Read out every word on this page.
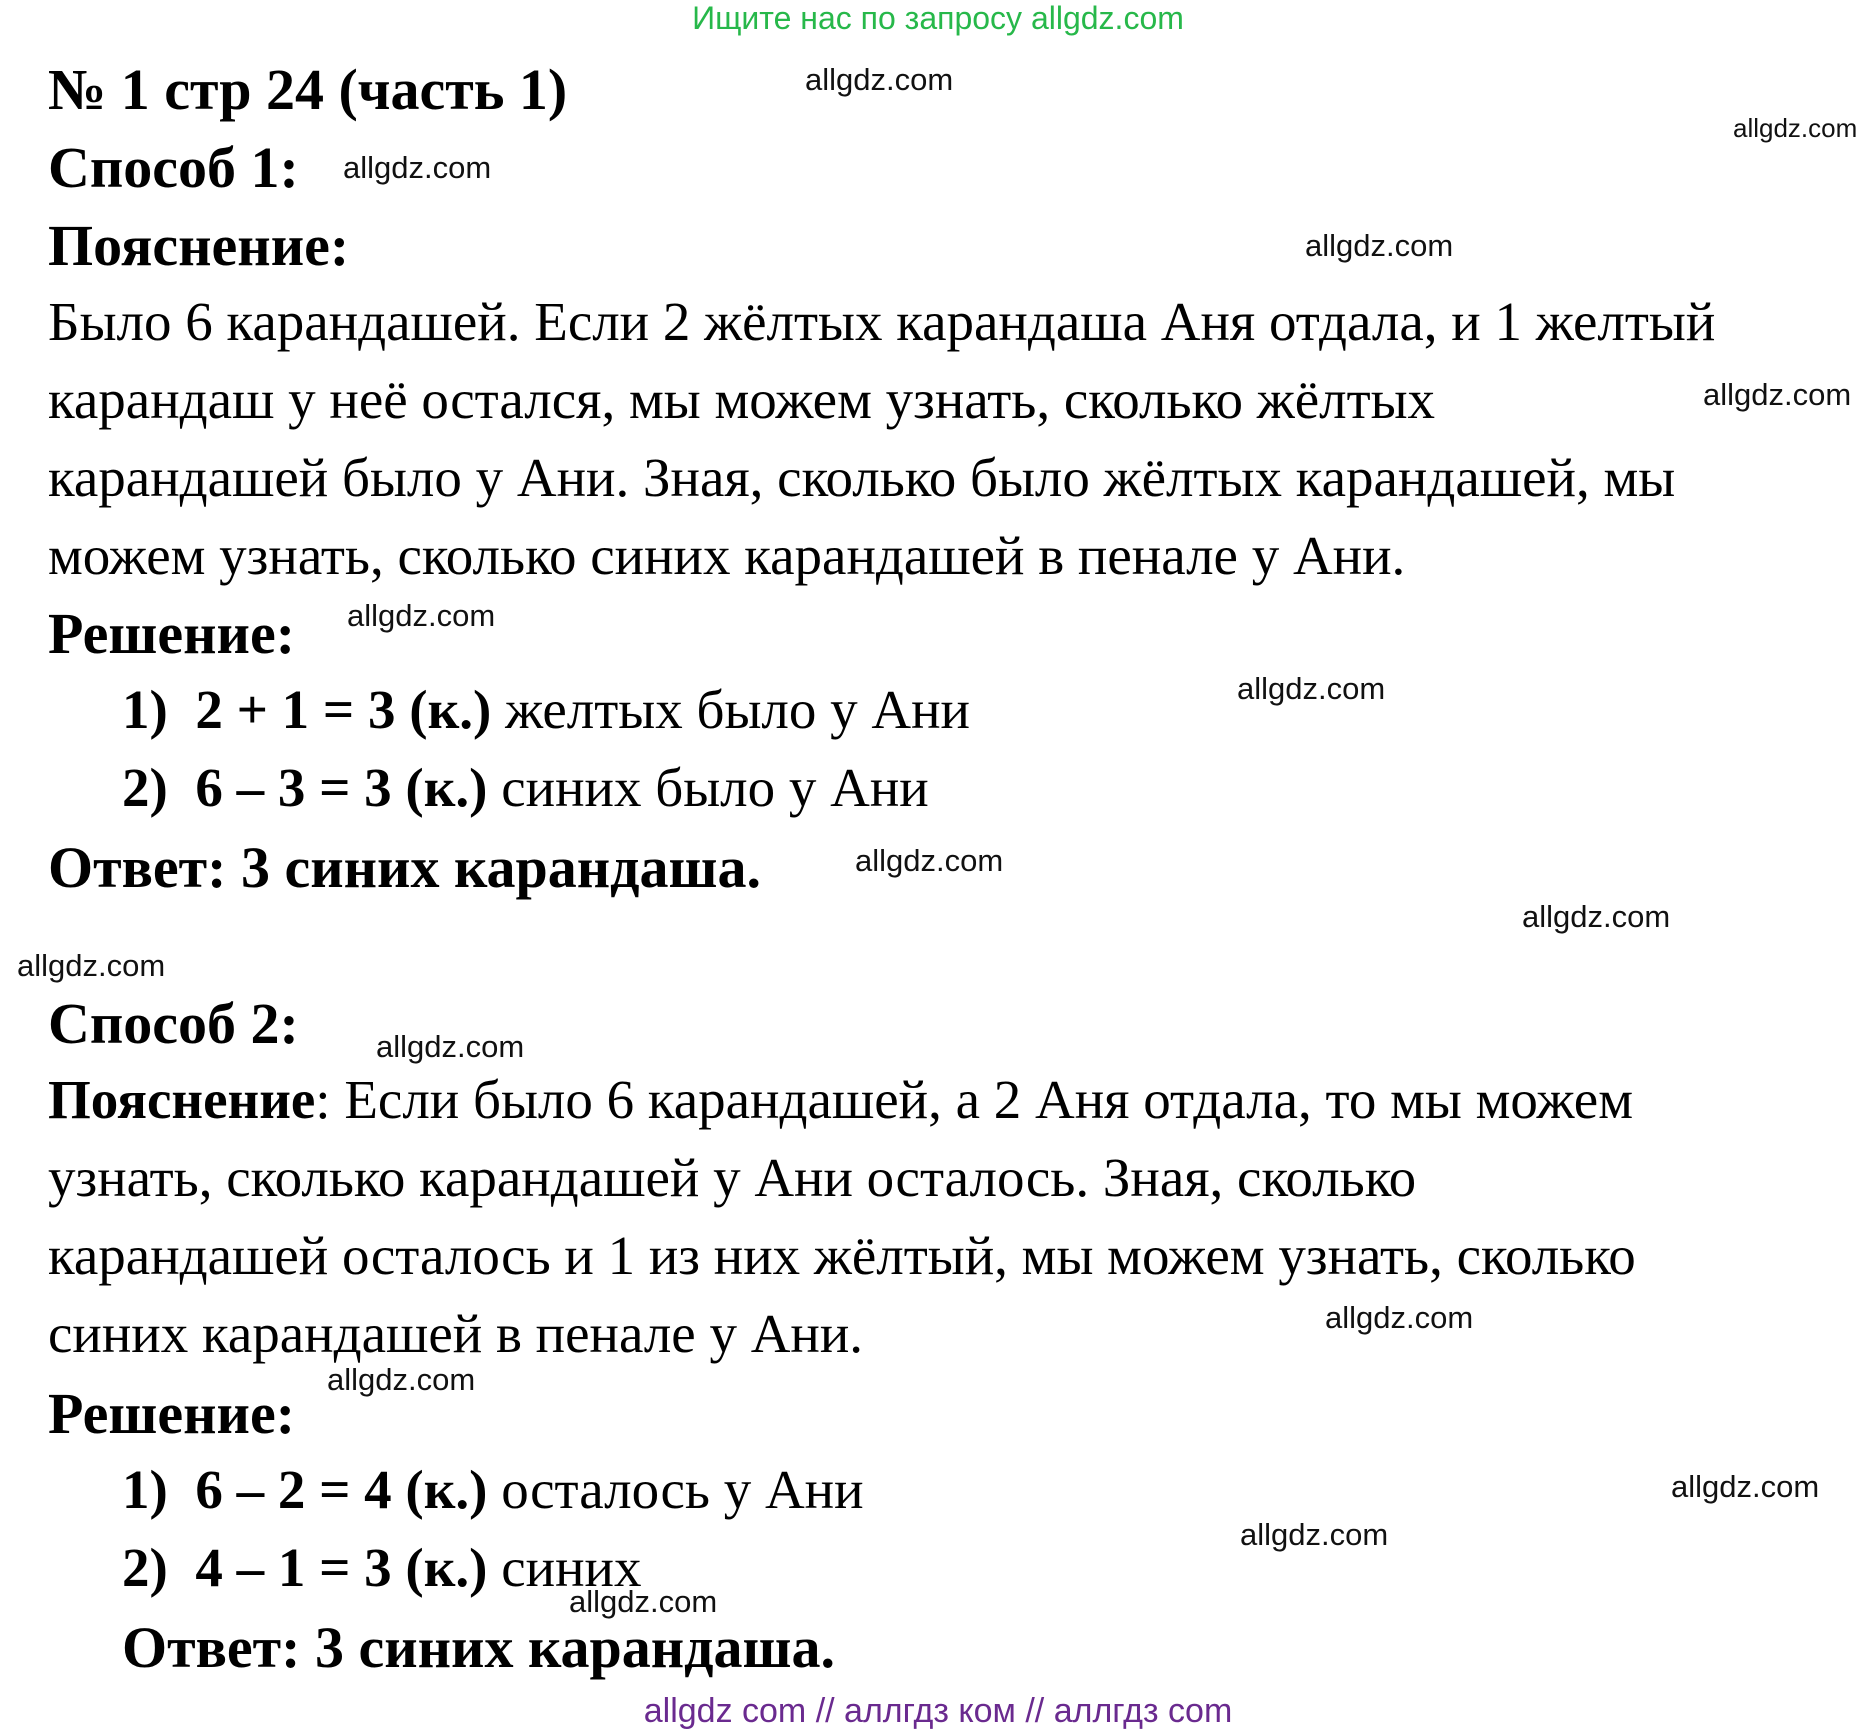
Ищите нас по запросу allgdz.com
№ 1 стр 24 (часть 1)
Способ 1:
Пояснение:
Было 6 карандашей. Если 2 жёлтых карандаша Аня отдала, и 1 желтый
карандаш у неё остался, мы можем узнать, сколько жёлтых
карандашей было у Ани. Зная, сколько было жёлтых карандашей, мы
можем узнать, сколько синих карандашей в пенале у Ани.
Решение:
1) 2 + 1 = 3 (к.) желтых было у Ани
2) 6 – 3 = 3 (к.) синих было у Ани
Ответ: 3 синих карандаша.
Способ 2:
Пояснение: Если было 6 карандашей, а 2 Аня отдала, то мы можем
узнать, сколько карандашей у Ани осталось. Зная, сколько
карандашей осталось и 1 из них жёлтый, мы можем узнать, сколько
синих карандашей в пенале у Ани.
Решение:
1) 6 – 2 = 4 (к.) осталось у Ани
2) 4 – 1 = 3 (к.) синих
Ответ: 3 синих карандаша.
allgdz.com
allgdz.com
allgdz.com
allgdz.com
allgdz.com
allgdz.com
allgdz.com
allgdz.com
allgdz.com
allgdz.com
allgdz.com
allgdz.com
allgdz.com
allgdz.com
allgdz.com
allgdz.com
allgdz com // аллгдз ком // аллгдз com
